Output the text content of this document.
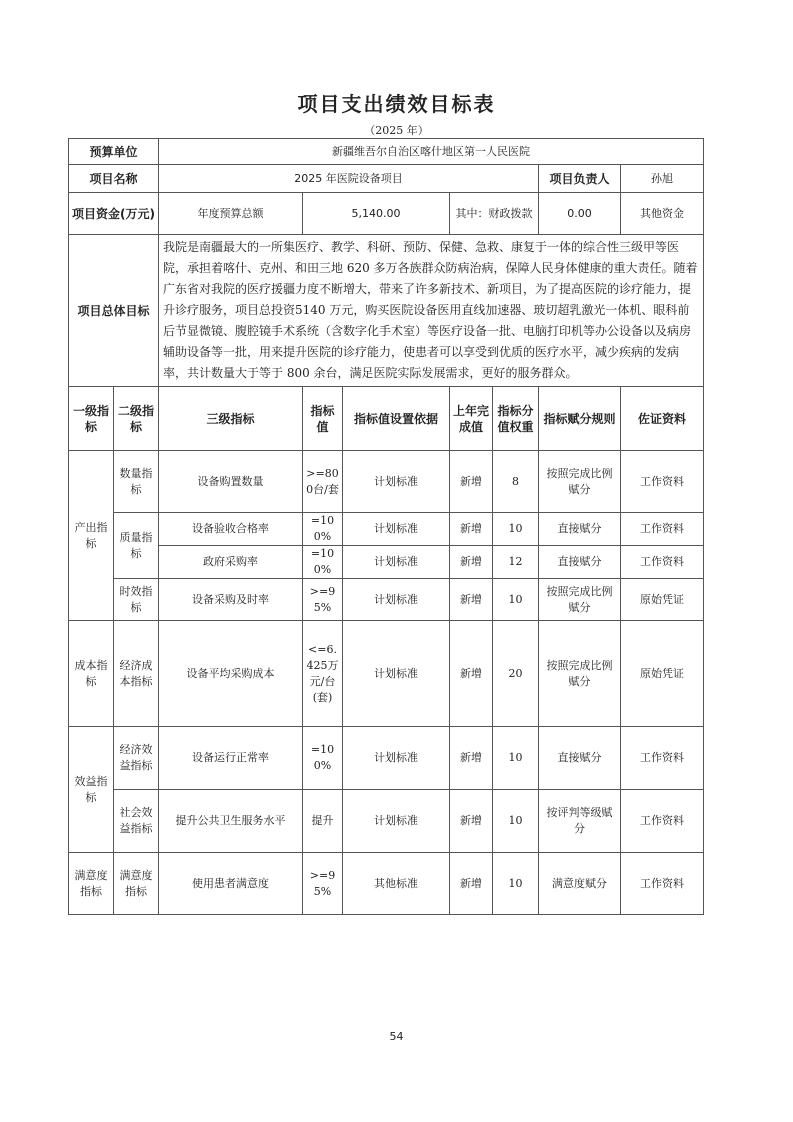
项目支出绩效目标表
（2025 年）
预算单位		新疆维吾尔自治区喀什地区第一人民医院						
项目名称		2025 年医院设备项目					项目负责人	孙旭
项目资金(万元)		年度预算总额	5,140.00		其中：财政拨款		0.00	其他资金
项目总体目标		我院是南疆最大的一所集医疗、教学、科研、预防、保健、急救、康复于一体的综合性三级甲等医院，承担着喀什、克州、和田三地 620 多万各族群众防病治病，保障人民身体健康的重大责任。随着广东省对我院的医疗援疆力度不断增大，带来了许多新技术、新项目，为了提高医院的诊疗能力，提升诊疗服务，项目总投资5140 万元，购买医院设备医用直线加速器、玻切超乳激光一体机、眼科前后节显微镜、腹腔镜手术系统（含数字化手术室）等医疗设备一批、电脑打印机等办公设备以及病房辅助设备等一批，用来提升医院的诊疗能力，使患者可以享受到优质的医疗水平，减少疾病的发病率，共计数量大于等于 800 余台，满足医院实际发展需求，更好的服务群众。						
一级指标	二级指标	三级指标	指标值	指标值设置依据	上年完成值	指标分值权重	指标赋分规则	佐证资料
产出指标	数量指标	设备购置数量	>=800台/套	计划标准	新增	8	按照完成比例赋分	工作资料
	质量指标	设备验收合格率	=100%	计划标准	新增	10	直接赋分	工作资料
		政府采购率	=100%	计划标准	新增	12	直接赋分	工作资料
	时效指标	设备采购及时率	>=95%	计划标准	新增	10	按照完成比例赋分	原始凭证
成本指标	经济成本指标	设备平均采购成本	<=6.425万元/台(套)	计划标准	新增	20	按照完成比例赋分	原始凭证
效益指标	经济效益指标	设备运行正常率	=100%	计划标准	新增	10	直接赋分	工作资料
	社会效益指标	提升公共卫生服务水平	提升	计划标准	新增	10	按评判等级赋分	工作资料
满意度指标	满意度指标	使用患者满意度	>=95%	其他标准	新增	10	满意度赋分	工作资料
54
